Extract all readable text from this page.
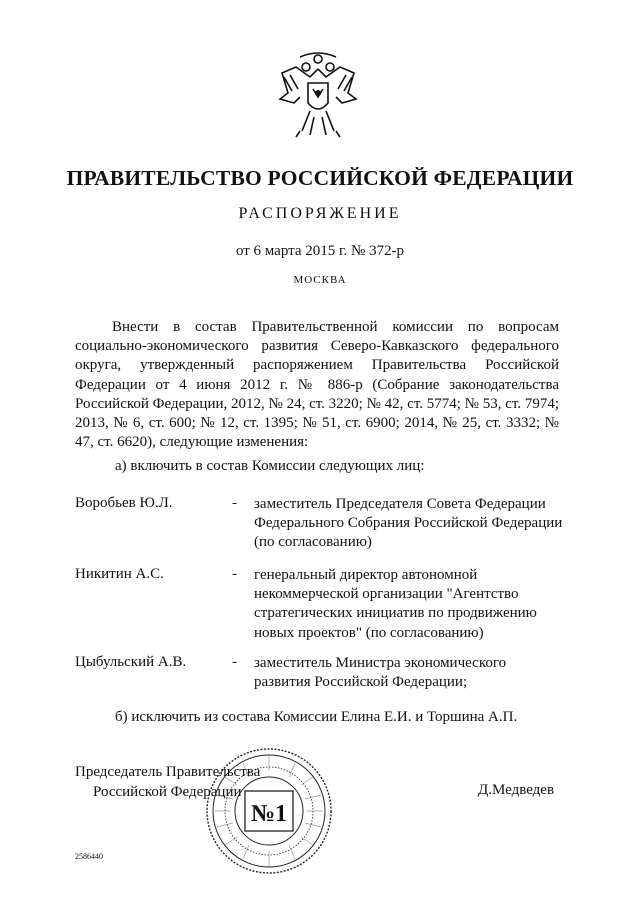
ПРАВИТЕЛЬСТВО РОССИЙСКОЙ ФЕДЕРАЦИИ
РАСПОРЯЖЕНИЕ
от 6 марта 2015 г. № 372-р
МОСКВА

Внести в состав Правительственной комиссии по вопросам социально-экономического развития Северо-Кавказского федерального округа, утвержденный распоряжением Правительства Российской Федерации от 4 июня 2012 г. № 886-р (Собрание законодательства Российской Федерации, 2012, № 24, ст. 3220; № 42, ст. 5774; № 53, ст. 7974; 2013, № 6, ст. 600; № 12, ст. 1395; № 51, ст. 6900; 2014, № 25, ст. 3332; № 47, ст. 6620), следующие изменения:

а) включить в состав Комиссии следующих лиц:
Воробьев Ю.Л.	- заместитель Председателя Совета Федерации Федерального Собрания Российской Федерации (по согласованию)
Никитин А.С.	- генеральный директор автономной некоммерческой организации "Агентство стратегических инициатив по продвижению новых проектов" (по согласованию)
Цыбульский А.В.	- заместитель Министра экономического развития Российской Федерации;
б) исключить из состава Комиссии Елина Е.И. и Торшина А.П.
Председатель Правительства
Российской Федерации
№1
Д.Медведев
2586440
